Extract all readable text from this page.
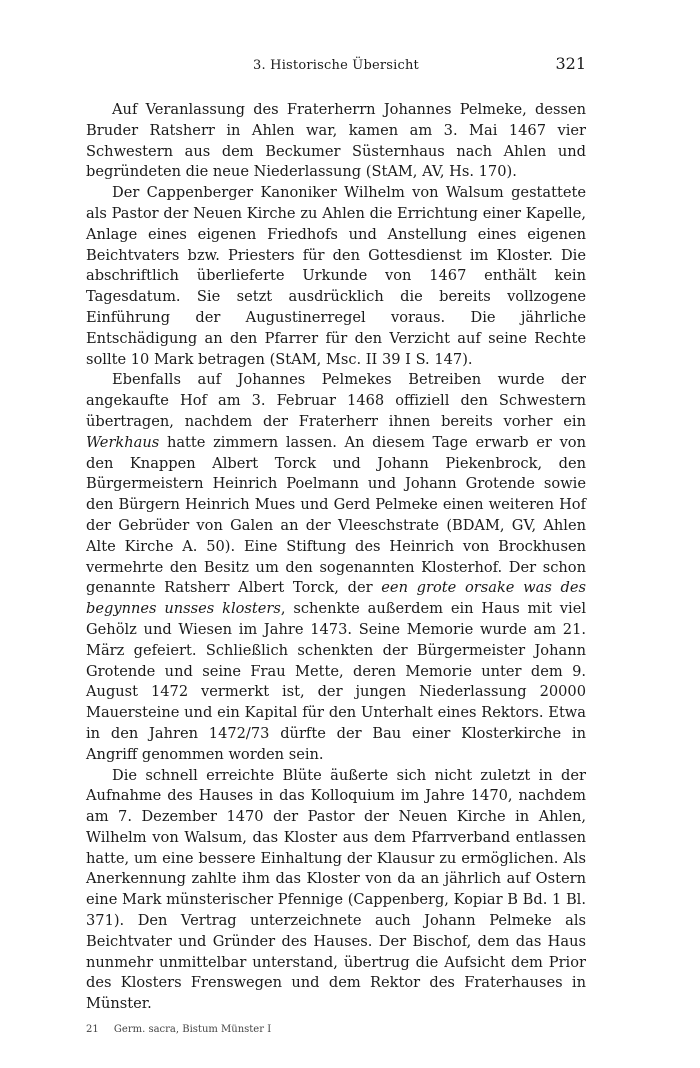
3. Historische Übersicht	321

Auf Veranlassung des Fraterherrn Johannes Pelmeke, dessen Bruder Ratsherr in Ahlen war, kamen am 3. Mai 1467 vier Schwestern aus dem Beckumer Süsternhaus nach Ahlen und begründeten die neue Niederlassung (StAM, AV, Hs. 170).

Der Cappenberger Kanoniker Wilhelm von Walsum gestattete als Pastor der Neuen Kirche zu Ahlen die Errichtung einer Kapelle, Anlage eines eigenen Friedhofs und Anstellung eines eigenen Beichtvaters bzw. Priesters für den Gottesdienst im Kloster. Die abschriftlich überlieferte Urkunde von 1467 enthält kein Tagesdatum. Sie setzt ausdrücklich die bereits vollzogene Einführung der Augustinerregel voraus. Die jährliche Entschädigung an den Pfarrer für den Verzicht auf seine Rechte sollte 10 Mark betragen (StAM, Msc. II 39 I S. 147).

Ebenfalls auf Johannes Pelmekes Betreiben wurde der angekaufte Hof am 3. Februar 1468 offiziell den Schwestern übertragen, nachdem der Fraterherr ihnen bereits vorher ein Werkhaus hatte zimmern lassen. An diesem Tage erwarb er von den Knappen Albert Torck und Johann Piekenbrock, den Bürgermeistern Heinrich Poelmann und Johann Grotende sowie den Bürgern Heinrich Mues und Gerd Pelmeke einen weiteren Hof der Gebrüder von Galen an der Vleeschstrate (BDAM, GV, Ahlen Alte Kirche A. 50). Eine Stiftung des Heinrich von Brockhusen vermehrte den Besitz um den sogenannten Klosterhof. Der schon genannte Ratsherr Albert Torck, der een grote orsake was des begynnes unsses klosters, schenkte außerdem ein Haus mit viel Gehölz und Wiesen im Jahre 1473. Seine Memorie wurde am 21. März gefeiert. Schließlich schenkten der Bürgermeister Johann Grotende und seine Frau Mette, deren Memorie unter dem 9. August 1472 vermerkt ist, der jungen Niederlassung 20000 Mauersteine und ein Kapital für den Unterhalt eines Rektors. Etwa in den Jahren 1472/73 dürfte der Bau einer Klosterkirche in Angriff genommen worden sein.

Die schnell erreichte Blüte äußerte sich nicht zuletzt in der Aufnahme des Hauses in das Kolloquium im Jahre 1470, nachdem am 7. Dezember 1470 der Pastor der Neuen Kirche in Ahlen, Wilhelm von Walsum, das Kloster aus dem Pfarrverband entlassen hatte, um eine bessere Einhaltung der Klausur zu ermöglichen. Als Anerkennung zahlte ihm das Kloster von da an jährlich auf Ostern eine Mark münsterischer Pfennige (Cappenberg, Kopiar B Bd. 1 Bl. 371). Den Vertrag unterzeichnete auch Johann Pelmeke als Beichtvater und Gründer des Hauses. Der Bischof, dem das Haus nunmehr unmittelbar unterstand, übertrug die Aufsicht dem Prior des Klosters Frenswegen und dem Rektor des Fraterhauses in Münster.

21 Germ. sacra, Bistum Münster I
